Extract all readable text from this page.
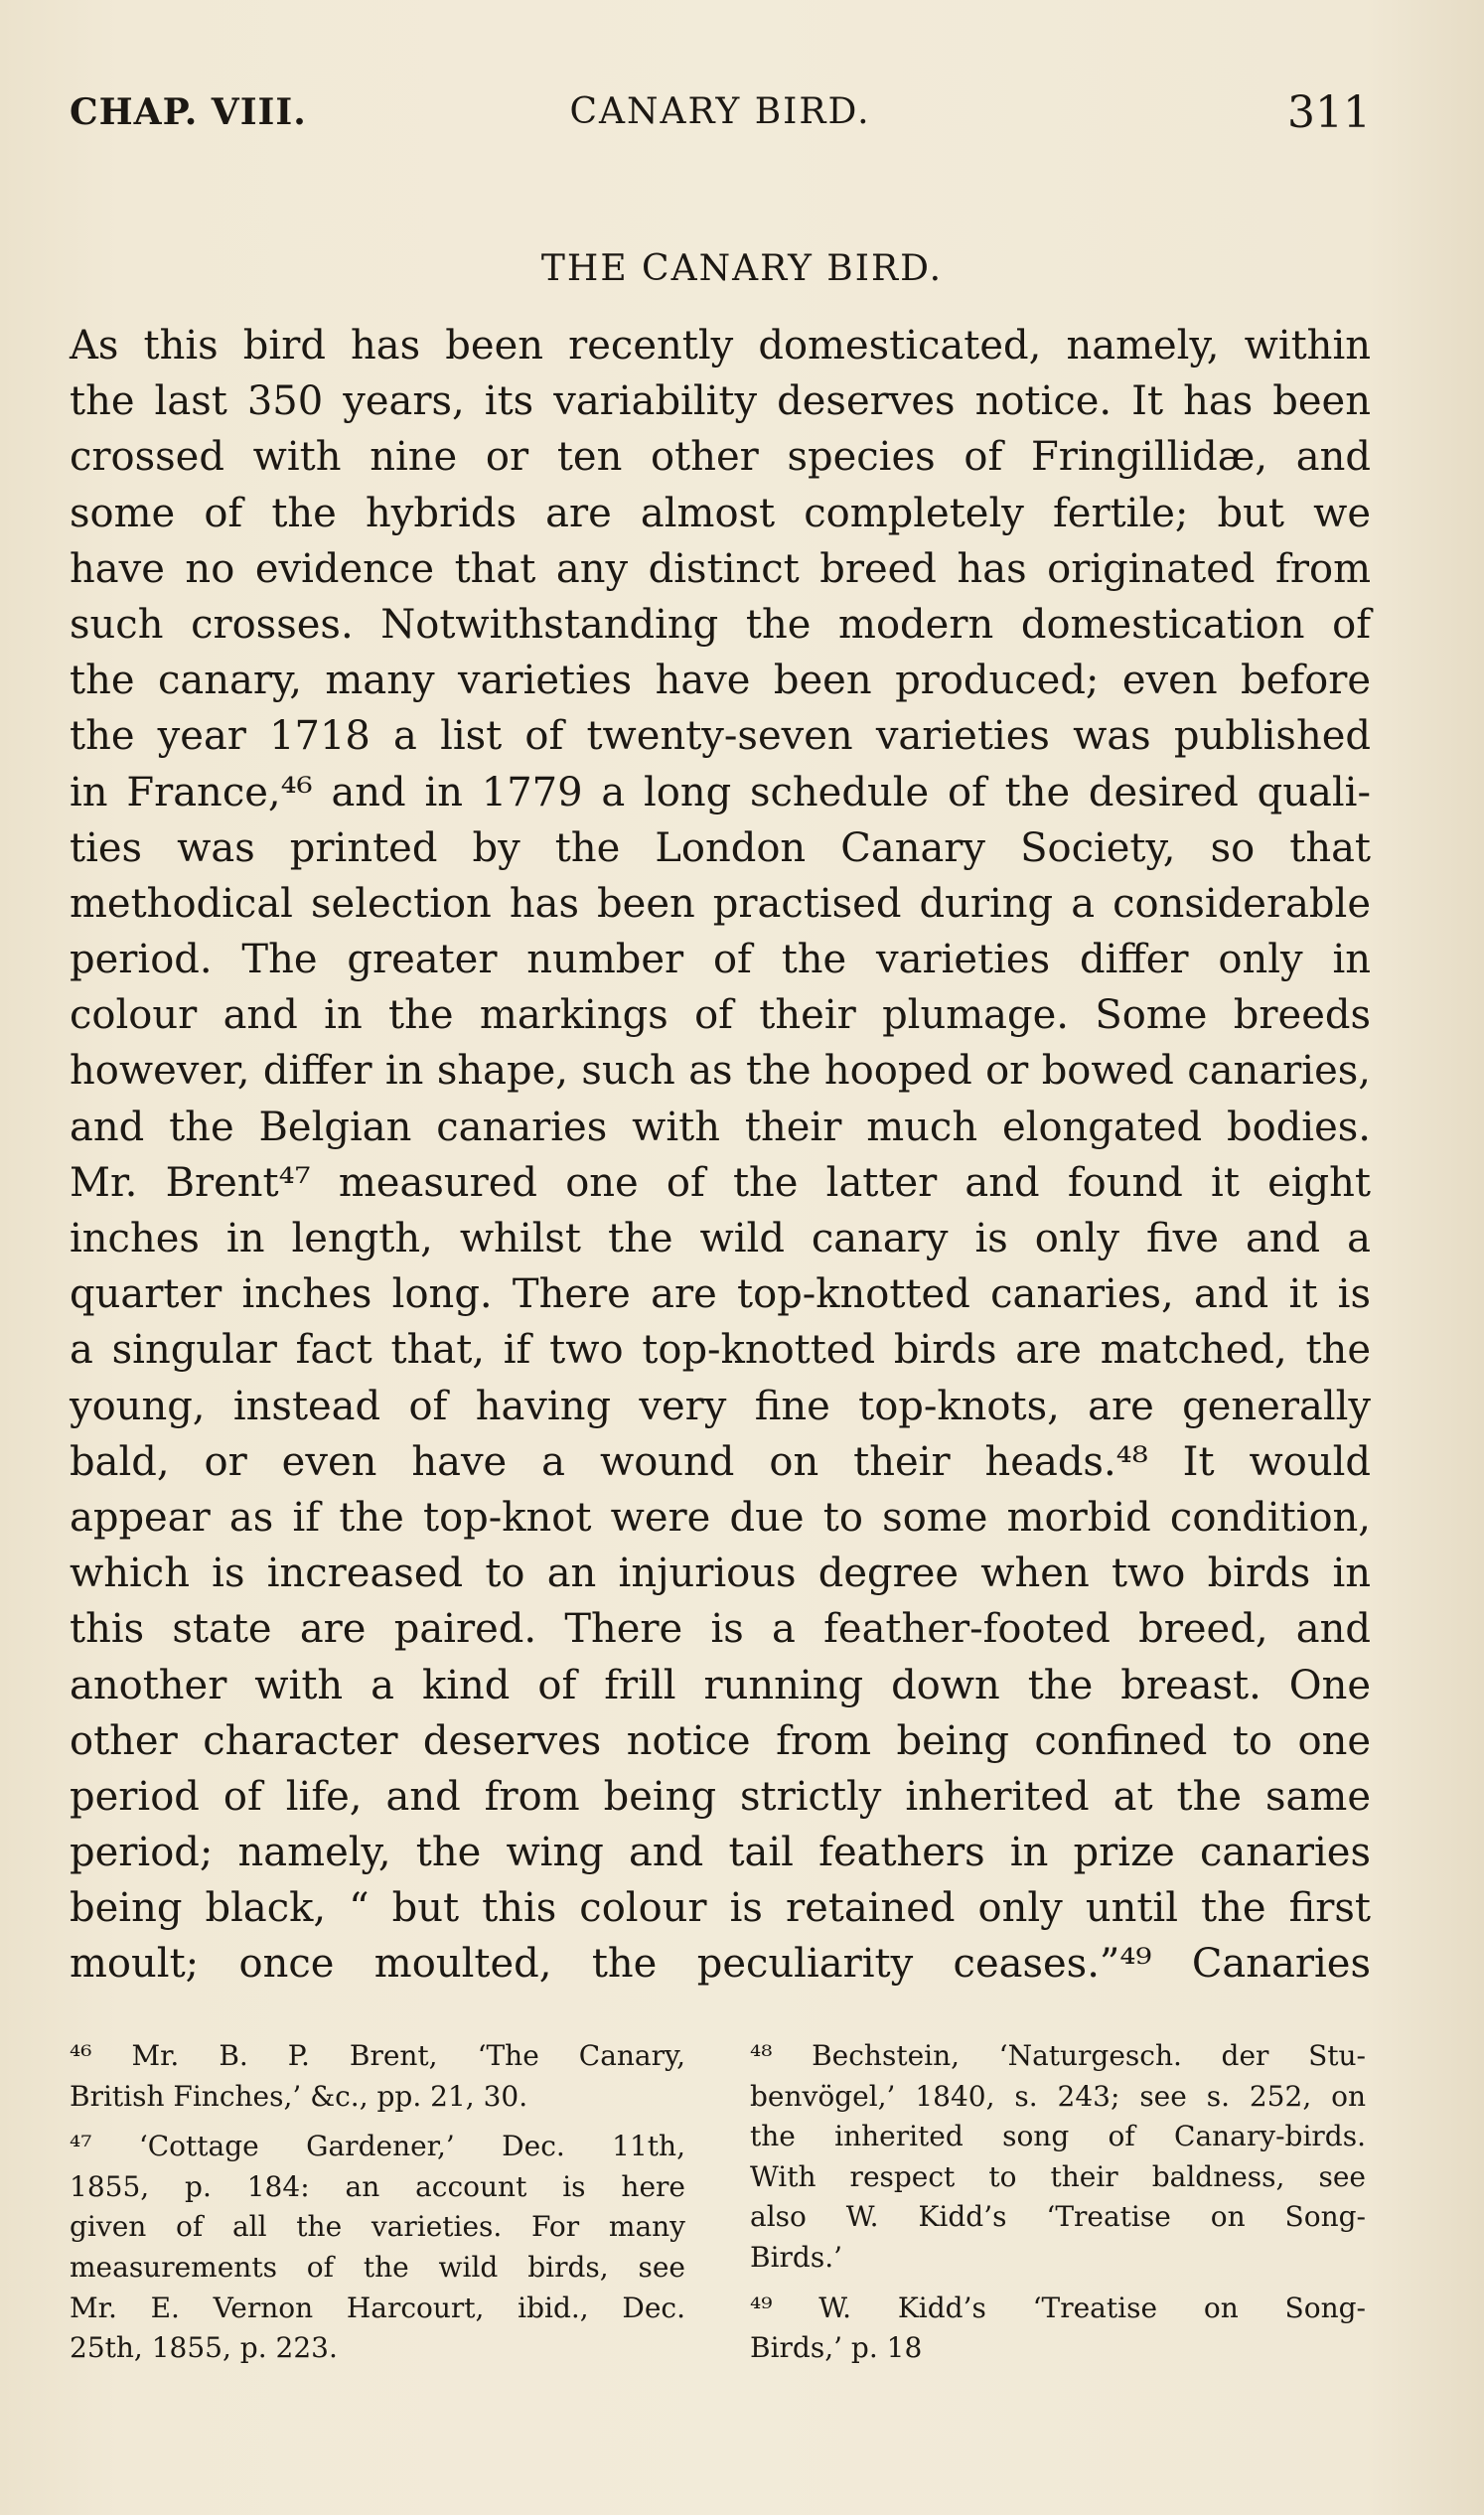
CHAP. VIII.	CANARY BIRD.	311
THE CANARY BIRD.
As this bird has been recently domesticated, namely, within
the last 350 years, its variability deserves notice. It has been
crossed with nine or ten other species of Fringillidæ, and
some of the hybrids are almost completely fertile; but we
have no evidence that any distinct breed has originated from
such crosses. Notwithstanding the modern domestication of
the canary, many varieties have been produced; even before
the year 1718 a list of twenty-seven varieties was published
in France,⁴⁶ and in 1779 a long schedule of the desired quali-
ties was printed by the London Canary Society, so that
methodical selection has been practised during a considerable
period. The greater number of the varieties differ only in
colour and in the markings of their plumage. Some breeds
however, differ in shape, such as the hooped or bowed canaries,
and the Belgian canaries with their much elongated bodies.
Mr. Brent⁴⁷ measured one of the latter and found it eight
inches in length, whilst the wild canary is only five and a
quarter inches long. There are top-knotted canaries, and it is
a singular fact that, if two top-knotted birds are matched, the
young, instead of having very fine top-knots, are generally
bald, or even have a wound on their heads.⁴⁸ It would
appear as if the top-knot were due to some morbid condition,
which is increased to an injurious degree when two birds in
this state are paired. There is a feather-footed breed, and
another with a kind of frill running down the breast. One
other character deserves notice from being confined to one
period of life, and from being strictly inherited at the same
period; namely, the wing and tail feathers in prize canaries
being black, “ but this colour is retained only until the first
moult; once moulted, the peculiarity ceases.”⁴⁹ Canaries
⁴⁶ Mr. B. P. Brent, ‘The Canary,
British Finches,’ &c., pp. 21, 30.
⁴⁷ ‘Cottage Gardener,’ Dec. 11th,
1855, p. 184: an account is here
given of all the varieties. For many
measurements of the wild birds, see
Mr. E. Vernon Harcourt, ibid., Dec.
25th, 1855, p. 223.
⁴⁸ Bechstein, ‘Naturgesch. der Stu-
benvögel,’ 1840, s. 243; see s. 252, on
the inherited song of Canary-birds.
With respect to their baldness, see
also W. Kidd’s ‘Treatise on Song-
Birds.’
⁴⁹ W. Kidd’s ‘Treatise on Song-
Birds,’ p. 18
